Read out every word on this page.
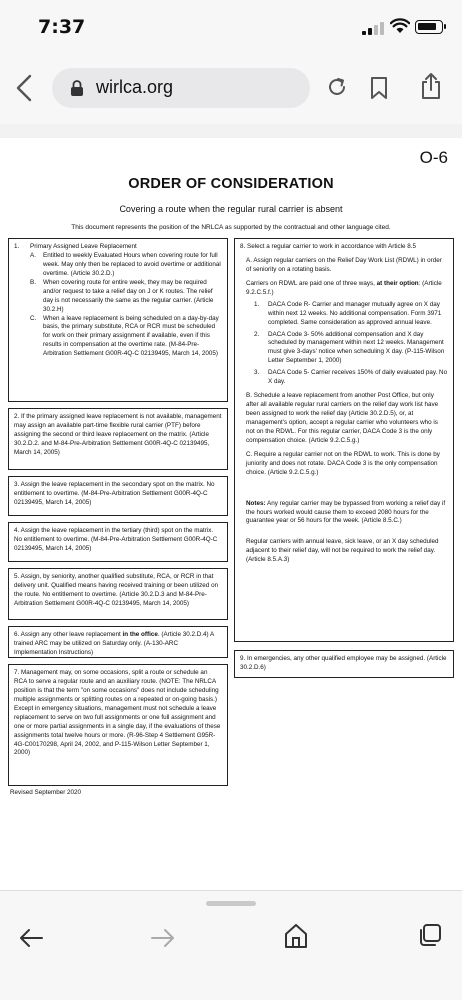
7:37
wirlca.org
O-6
ORDER OF CONSIDERATION
Covering a route when the regular rural carrier is absent
This document represents the position of the NRLCA as supported by the contractual and other language cited.
1.	Primary Assigned Leave Replacement
A.	Entitled to weekly Evaluated Hours when covering route for full week. May only then be replaced to avoid overtime or additional overtime. (Article 30.2.D.)
B.	When covering route for entire week, they may be required and/or request to take a relief day on J or K routes. The relief day is not necessarily the same as the regular carrier. (Article 30.2.H)
C.	When a leave replacement is being scheduled on a day-by-day basis, the primary substitute, RCA or RCR must be scheduled for work on their primary assignment if available, even if this results in compensation at the overtime rate. (M-84-Pre-Arbitration Settlement G00R-4Q-C 02139495, March 14, 2005)

2. If the primary assigned leave replacement is not available, management may assign an available part-time flexible rural carrier (PTF) before assigning the second or third leave replacement on the matrix. (Article 30.2.D.2. and M-84-Pre-Arbitration Settlement G00R-4Q-C 02139495, March 14, 2005)

3. Assign the leave replacement in the secondary spot on the matrix. No entitlement to overtime. (M-84-Pre-Arbitration Settlement G00R-4Q-C 02139495, March 14, 2005)

4. Assign the leave replacement in the tertiary (third) spot on the matrix. No entitlement to overtime. (M-84-Pre-Arbitration Settlement G00R-4Q-C 02139495, March 14, 2005)

5. Assign, by seniority, another qualified substitute, RCA, or RCR in that delivery unit. Qualified means having received training or been utilized on the route. No entitlement to overtime. (Article 30.2.D.3 and M-84-Pre-Arbitration Settlement G00R-4Q-C 02139495, March 14, 2005)

6. Assign any other leave replacement in the office. (Article 30.2.D.4) A trained ARC may be utilized on Saturday only. (A-130-ARC Implementation Instructions)

7. Management may, on some occasions, split a route or schedule an RCA to serve a regular route and an auxiliary route. (NOTE: The NRLCA position is that the term "on some occasions" does not include scheduling multiple assignments or splitting routes on a repeated or on-going basis.) Except in emergency situations, management must not schedule a leave replacement to serve on two full assignments or one full assignment and one or more partial assignments in a single day, if the evaluations of these assignments total twelve hours or more. (R-96-Step 4 Settlement G95R-4G-C00170298, April 24, 2002, and P-115-Wilson Letter September 1, 2000)

Revised September 2020

8. Select a regular carrier to work in accordance with Article 8.5

A. Assign regular carriers on the Relief Day Work List (RDWL) in order of seniority on a rotating basis.

Carriers on RDWL are paid one of three ways, at their option: (Article 9.2.C.5.f.)

1.	DACA Code R- Carrier and manager mutually agree on X day within next 12 weeks. No additional compensation. Form 3971 completed. Same consideration as approved annual leave.
2.	DACA Code 3- 50% additional compensation and X day scheduled by management within next 12 weeks. Management must give 3-days' notice when scheduling X day. (P-115-Wilson Letter September 1, 2000)
3.	DACA Code 5- Carrier receives 150% of daily evaluated pay. No X day.

B. Schedule a leave replacement from another Post Office, but only after all available regular rural carriers on the relief day work list have been assigned to work the relief day (Article 30.2.D.5), or, at management's option, accept a regular carrier who volunteers who is not on the RDWL. For this regular carrier, DACA Code 3 is the only compensation choice. (Article 9.2.C.5.g.)

C. Require a regular carrier not on the RDWL to work. This is done by juniority and does not rotate. DACA Code 3 is the only compensation choice. (Article 9.2.C.5.g.)

Notes: Any regular carrier may be bypassed from working a relief day if the hours worked would cause them to exceed 2080 hours for the guarantee year or 56 hours for the week. (Article 8.5.C.)

Regular carriers with annual leave, sick leave, or an X day scheduled adjacent to their relief day, will not be required to work the relief day. (Article 8.5.A.3)

9. In emergencies, any other qualified employee may be assigned. (Article 30.2.D.6)
